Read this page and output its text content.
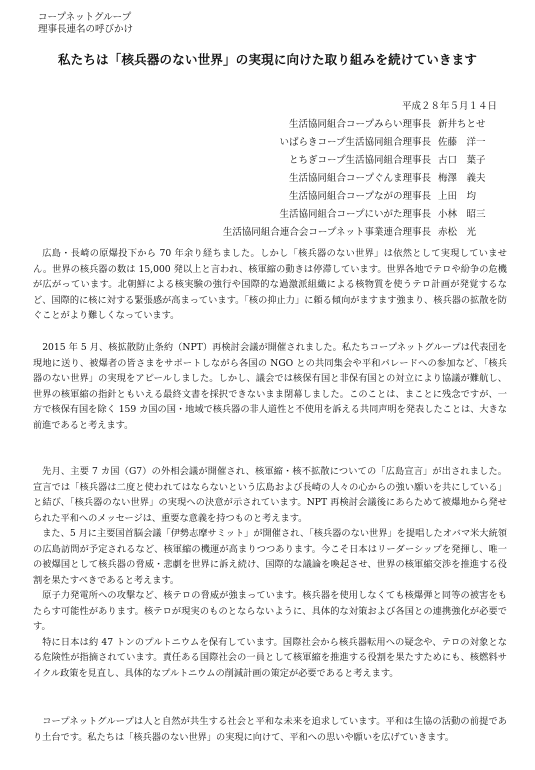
コープネットグループ
理事長連名の呼びかけ
私たちは「核兵器のない世界」の実現に向けた取り組みを続けていきます
平成２８年５月１４日
生活協同組合コープみらい理事長 新井ちとせ
いばらきコープ生活協同組合理事長 佐藤　洋一
とちぎコープ生活協同組合理事長 古口　葉子
生活協同組合コープぐんま理事長 梅澤　義夫
生活協同組合コープながの理事長 上田　均
生活協同組合コープにいがた理事長 小林　昭三
生活協同組合連合会コープネット事業連合理事長 赤松　光

広島・長崎の原爆投下から 70 年余り経ちました。しかし「核兵器のない世界」は依然として実現していません。世界の核兵器の数は 15,000 発以上と言われ、核軍縮の動きは停滞しています。世界各地でテロや紛争の危機が広がっています。北朝鮮による核実験の強行や国際的な過激派組織による核物質を使うテロ計画が発覚するなど、国際的に核に対する緊張感が高まっています。「核の抑止力」に頼る傾向がますます強まり、核兵器の拡散を防ぐことがより難しくなっています。

2015 年 5 月、核拡散防止条約（NPT）再検討会議が開催されました。私たちコープネットグループは代表団を現地に送り、被爆者の皆さまをサポートしながら各国の NGO との共同集会や平和パレードへの参加など、「核兵器のない世界」の実現をアピールしました。しかし、議会では核保有国と非保有国との対立により協議が難航し、世界の核軍縮の指針ともいえる最終文書を採択できないまま閉幕しました。このことは、まことに残念ですが、一方で核保有国を除く 159 カ国の国・地域で核兵器の非人道性と不使用を訴える共同声明を発表したことは、大きな前進であると考えます。

先月、主要 7 カ国（G7）の外相会議が開催され、核軍縮・核不拡散についての「広島宣言」が出されました。宣言では「核兵器は二度と使われてはならないという広島および長崎の人々の心からの強い願いを共にしている」と結び、「核兵器のない世界」の実現への決意が示されています。NPT 再検討会議後にあらためて被爆地から発せられた平和へのメッセージは、重要な意義を持つものと考えます。

また、5 月に主要国首脳会議「伊勢志摩サミット」が開催され、「核兵器のない世界」を提唱したオバマ米大統領の広島訪問が予定されるなど、核軍縮の機運が高まりつつあります。今こそ日本はリーダーシップを発揮し、唯一の被爆国として核兵器の脅威・悲劇を世界に訴え続け、国際的な議論を喚起させ、世界の核軍縮交渉を推進する役割を果たすべきであると考えます。

原子力発電所への攻撃など、核テロの脅威が強まっています。核兵器を使用しなくても核爆弾と同等の被害をもたらす可能性があります。核テロが現実のものとならないように、具体的な対策および各国との連携強化が必要です。

特に日本は約 47 トンのプルトニウムを保有しています。国際社会から核兵器転用への疑念や、テロの対象となる危険性が指摘されています。責任ある国際社会の一員として核軍縮を推進する役割を果たすためにも、核燃料サイクル政策を見直し、具体的なプルトニウムの削減計画の策定が必要であると考えます。

コープネットグループは人と自然が共生する社会と平和な未来を追求しています。平和は生協の活動の前提であり土台です。私たちは「核兵器のない世界」の実現に向けて、平和への思いや願いを広げていきます。
